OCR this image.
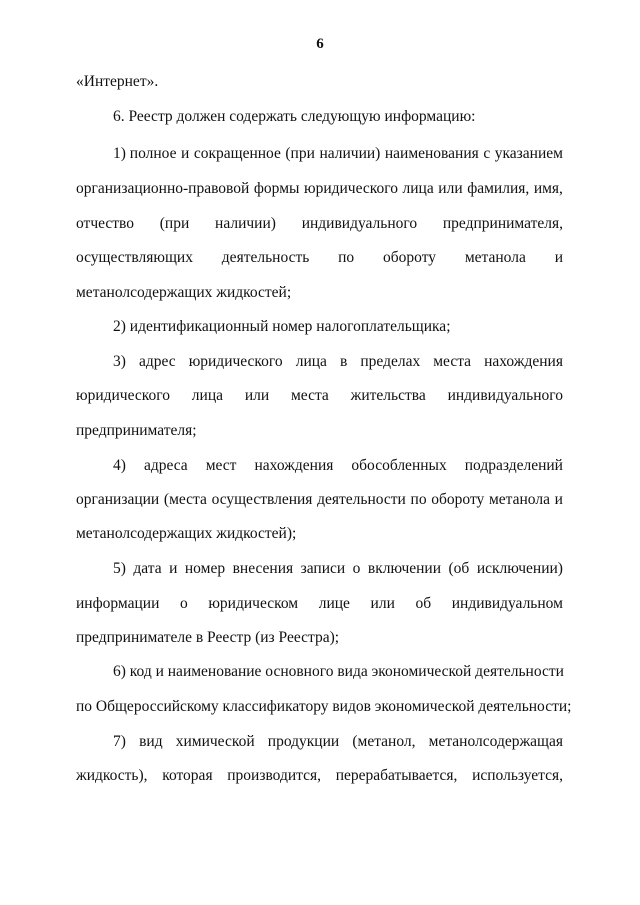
6
«Интернет».
6. Реестр должен содержать следующую информацию:
1) полное и сокращенное (при наличии) наименования с указанием
организационно-правовой формы юридического лица или фамилия, имя,
отчество (при наличии) индивидуального предпринимателя,
осуществляющих деятельность по обороту метанола и
метанолсодержащих жидкостей;
2) идентификационный номер налогоплательщика;
3) адрес юридического лица в пределах места нахождения
юридического лица или места жительства индивидуального
предпринимателя;
4) адреса мест нахождения обособленных подразделений
организации (места осуществления деятельности по обороту метанола и
метанолсодержащих жидкостей);
5) дата и номер внесения записи о включении (об исключении)
информации о юридическом лице или об индивидуальном
предпринимателе в Реестр (из Реестра);
6) код и наименование основного вида экономической деятельности
по Общероссийскому классификатору видов экономической деятельности;
7) вид химической продукции (метанол, метанолсодержащая
жидкость), которая производится, перерабатывается, используется,
